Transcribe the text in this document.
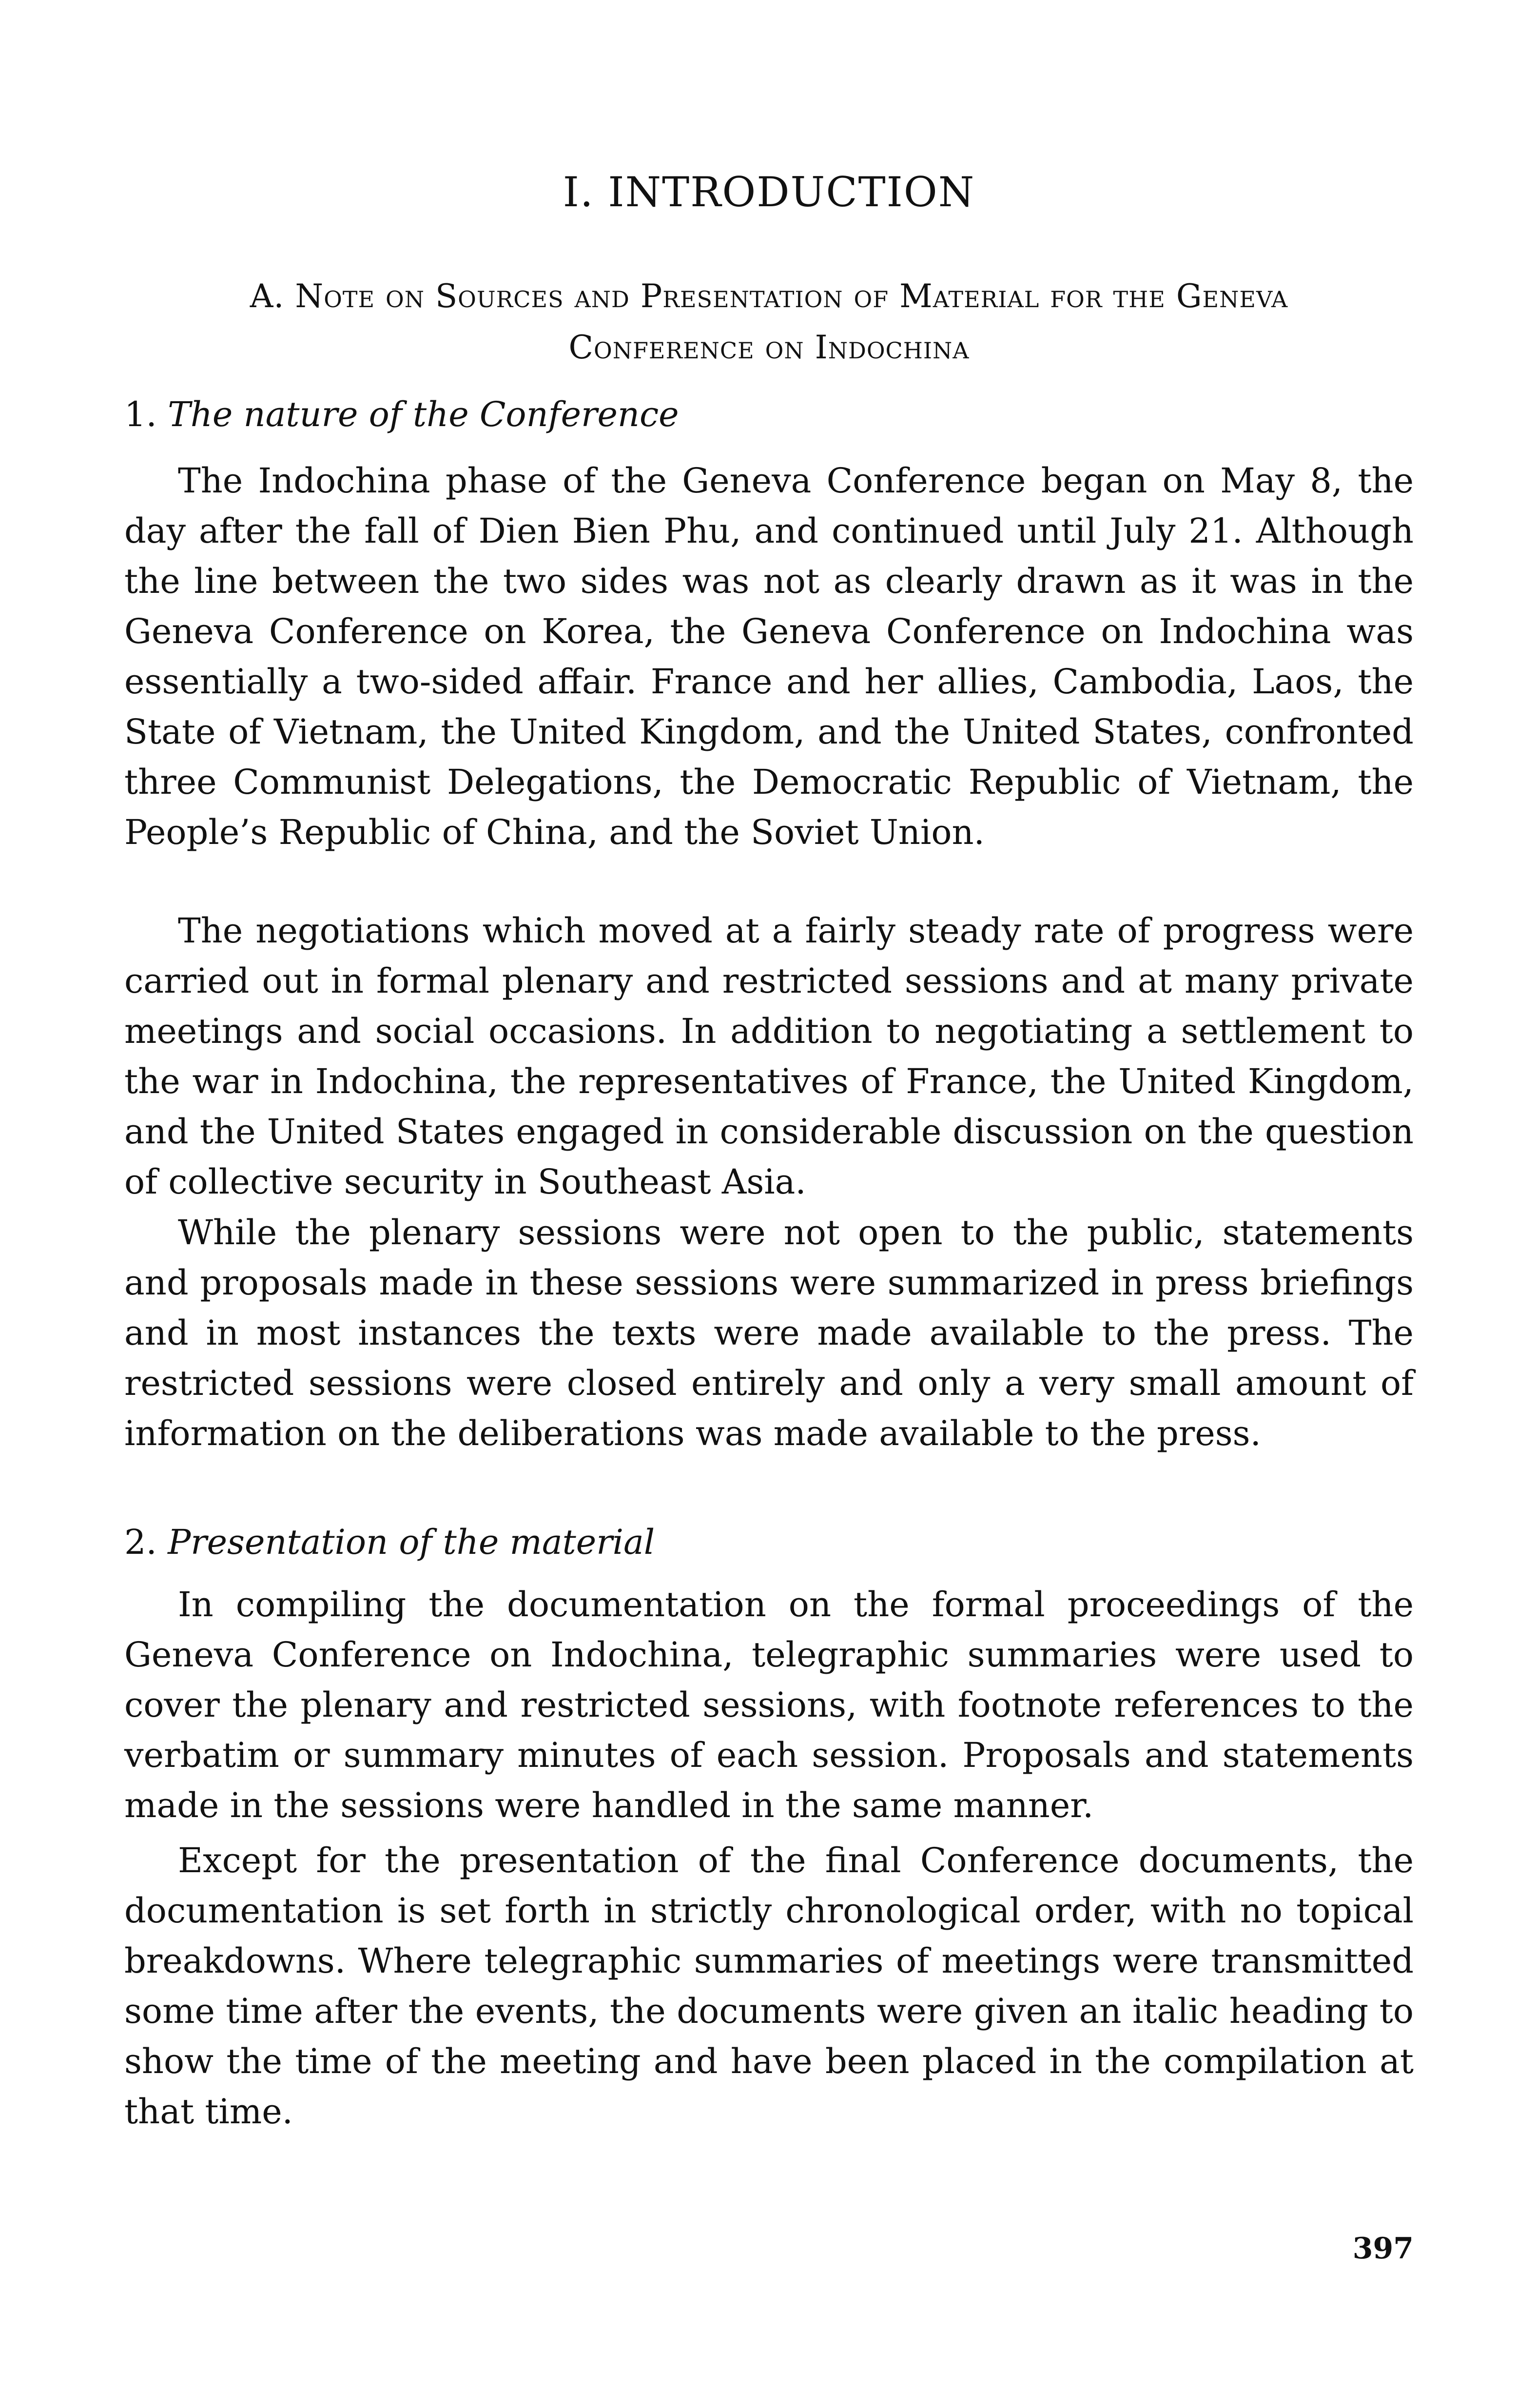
I. INTRODUCTION
A. Note on Sources and Presentation of Material for the Geneva
Conference on Indochina
1. The nature of the Conference

The Indochina phase of the Geneva Conference began on May 8, the day after the fall of Dien Bien Phu, and continued until July 21. Although the line between the two sides was not as clearly drawn as it was in the Geneva Conference on Korea, the Geneva Conference on Indochina was essentially a two-sided affair. France and her allies, Cambodia, Laos, the State of Vietnam, the United Kingdom, and the United States, confronted three Communist Delegations, the Democratic Republic of Vietnam, the People’s Republic of China, and the Soviet Union.

The negotiations which moved at a fairly steady rate of progress were carried out in formal plenary and restricted sessions and at many private meetings and social occasions. In addition to negotiating a settlement to the war in Indochina, the representatives of France, the United Kingdom, and the United States engaged in considerable discussion on the question of collective security in Southeast Asia.

While the plenary sessions were not open to the public, statements and proposals made in these sessions were summarized in press briefings and in most instances the texts were made available to the press. The restricted sessions were closed entirely and only a very small amount of information on the deliberations was made available to the press.

2. Presentation of the material

In compiling the documentation on the formal proceedings of the Geneva Conference on Indochina, telegraphic summaries were used to cover the plenary and restricted sessions, with footnote references to the verbatim or summary minutes of each session. Proposals and statements made in the sessions were handled in the same manner.

Except for the presentation of the final Conference documents, the documentation is set forth in strictly chronological order, with no topical breakdowns. Where telegraphic summaries of meetings were transmitted some time after the events, the documents were given an italic heading to show the time of the meeting and have been placed in the compilation at that time.

397
